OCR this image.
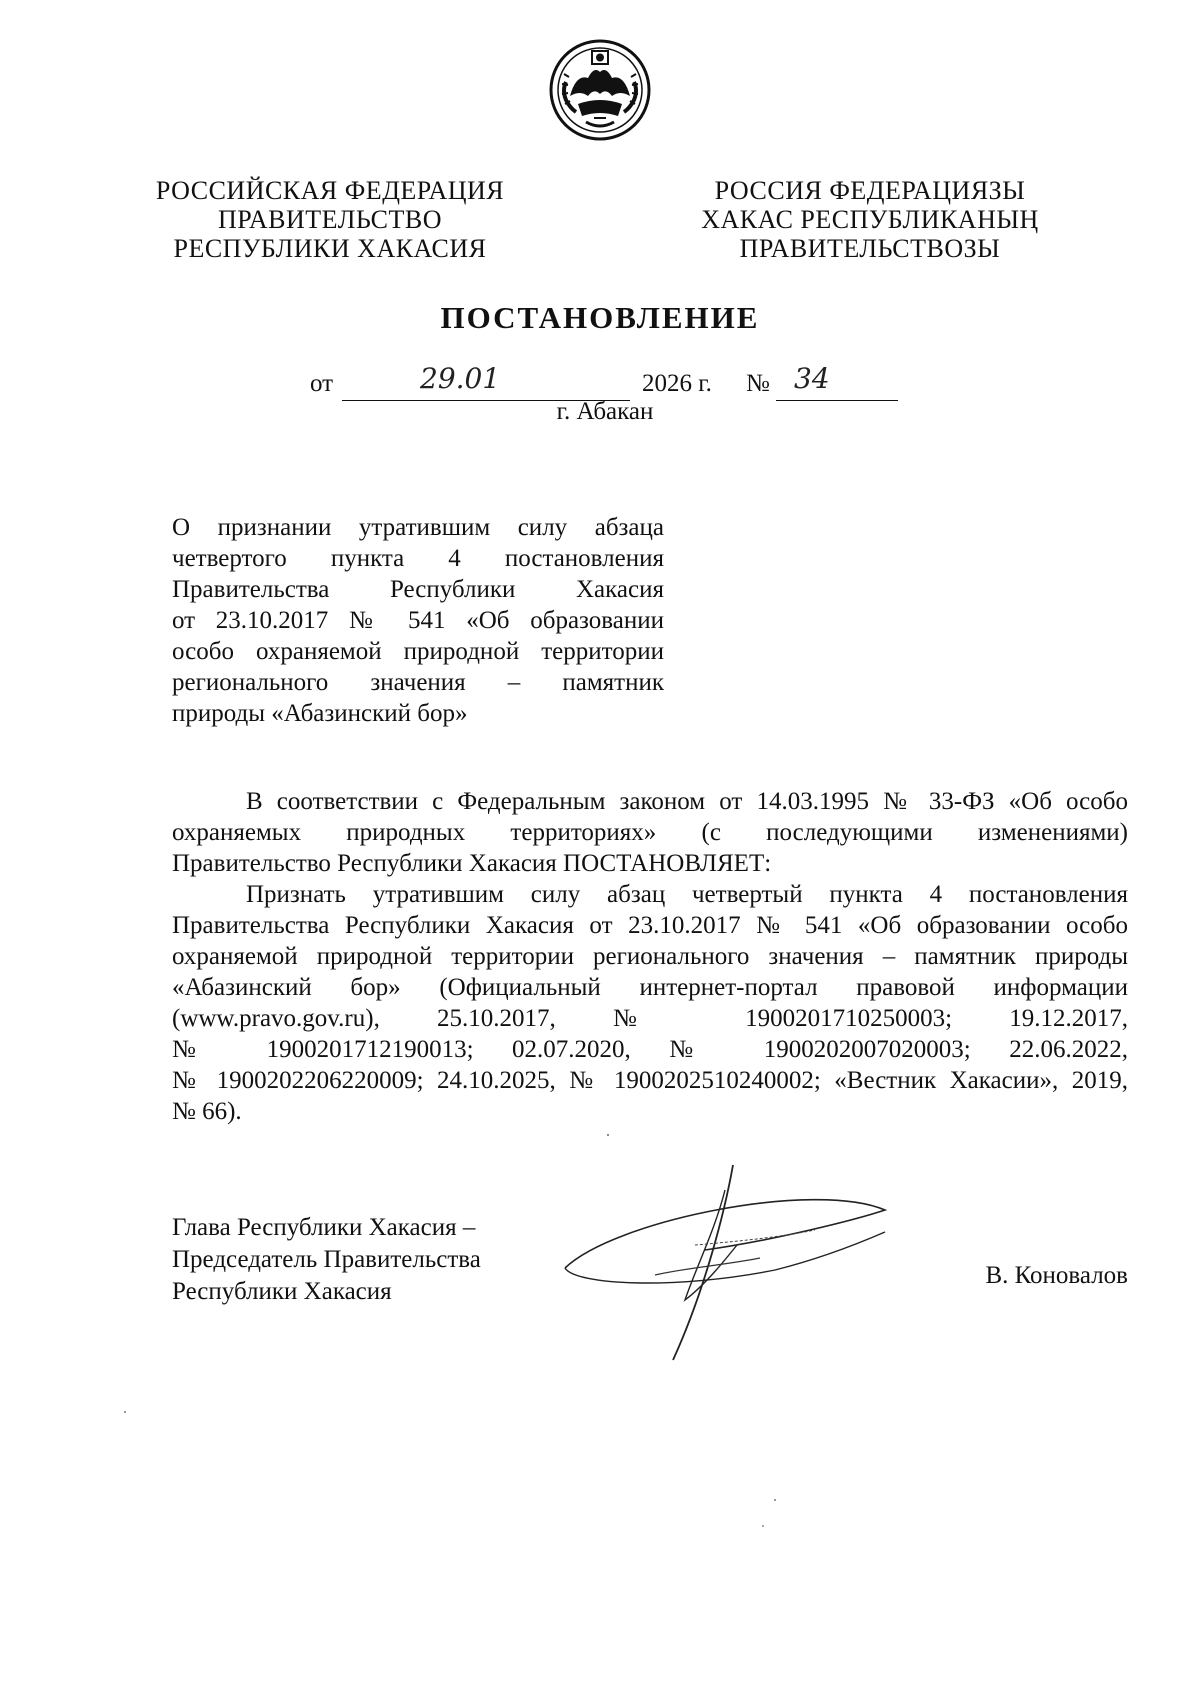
РОССИЙСКАЯ ФЕДЕРАЦИЯ
ПРАВИТЕЛЬСТВО
РЕСПУБЛИКИ ХАКАСИЯ
РОССИЯ ФЕДЕРАЦИЯЗЫ
ХАКАС РЕСПУБЛИКАНЫҢ
ПРАВИТЕЛЬСТВОЗЫ
ПОСТАНОВЛЕНИЕ
от	29.01	2026 г. № 34
г. Абакан
О признании утратившим силу абзаца
четвертого пункта 4 постановления
Правительства Республики Хакасия
от 23.10.2017 № 541 «Об образовании
особо охраняемой природной территории
регионального значения – памятник
природы «Абазинский бор»
В соответствии с Федеральным законом от 14.03.1995 № 33-ФЗ «Об особо
охраняемых природных территориях» (с последующими изменениями)
Правительство Республики Хакасия ПОСТАНОВЛЯЕТ:
Признать утратившим силу абзац четвертый пункта 4 постановления
Правительства Республики Хакасия от 23.10.2017 № 541 «Об образовании особо
охраняемой природной территории регионального значения – памятник природы
«Абазинский бор» (Официальный интернет-портал правовой информации
(www.pravo.gov.ru), 25.10.2017, № 1900201710250003; 19.12.2017,
№ 1900201712190013; 02.07.2020, № 1900202007020003; 22.06.2022,
№ 1900202206220009; 24.10.2025, № 1900202510240002; «Вестник Хакасии», 2019,
№ 66).
Глава Республики Хакасия –
Председатель Правительства
Республики Хакасия
В. Коновалов
